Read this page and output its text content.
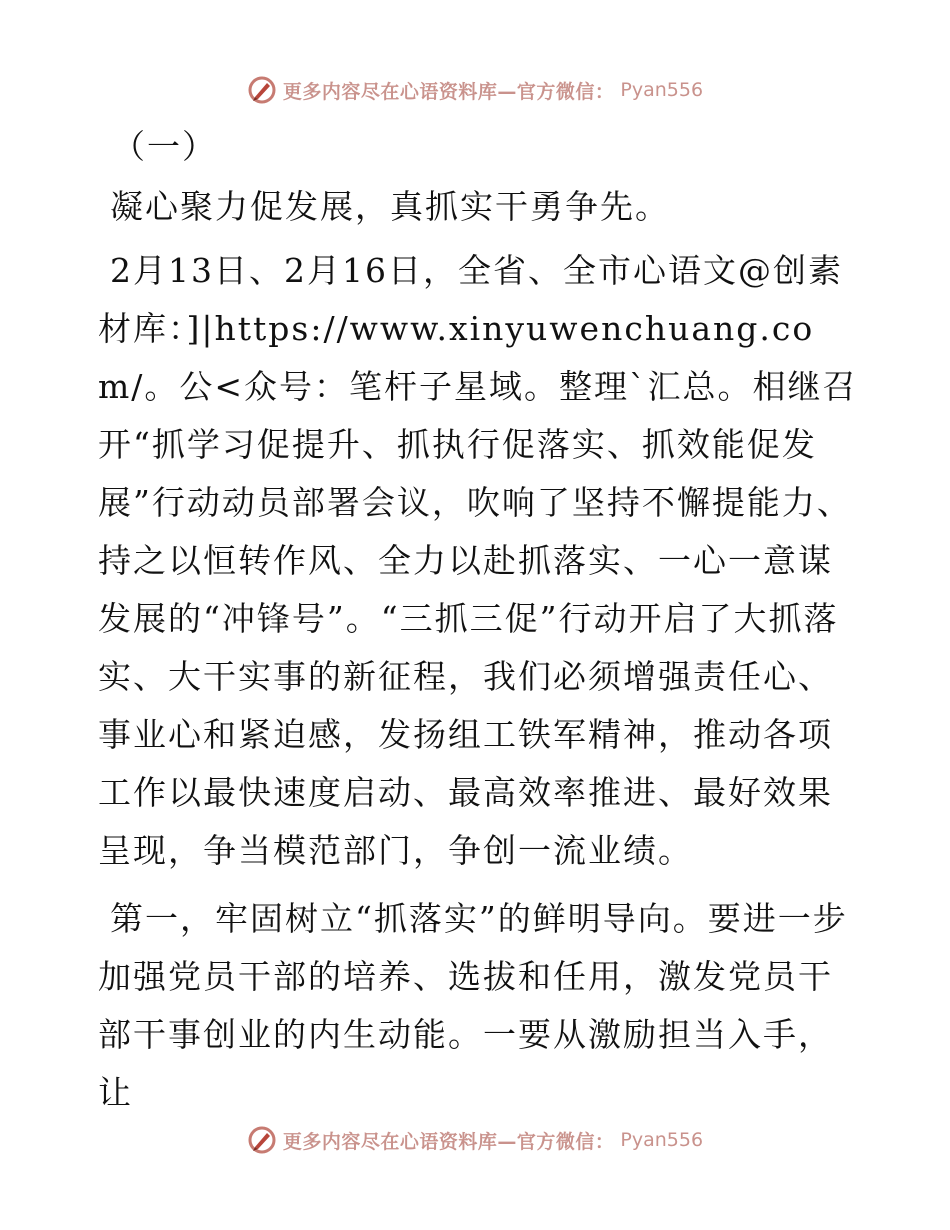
更多内容尽在心语资料库—官方微信： Pyan556

（一）

凝心聚力促发展，真抓实干勇争先。

2月13日、2月16日，全省、全市心语文@创素材库：]|https://www.xinyuwenchuang.com/。公<众号：笔杆子星域。整理`汇总。相继召开“抓学习促提升、抓执行促落实、抓效能促发展”行动动员部署会议，吹响了坚持不懈提能力、持之以恒转作风、全力以赴抓落实、一心一意谋发展的“冲锋号”。“三抓三促”行动开启了大抓落实、大干实事的新征程，我们必须增强责任心、事业心和紧迫感，发扬组工铁军精神，推动各项工作以最快速度启动、最高效率推进、最好效果呈现，争当模范部门，争创一流业绩。

第一，牢固树立“抓落实”的鲜明导向。要进一步加强党员干部的培养、选拔和任用，激发党员干部干事创业的内生动能。一要从激励担当入手，让

更多内容尽在心语资料库—官方微信： Pyan556
